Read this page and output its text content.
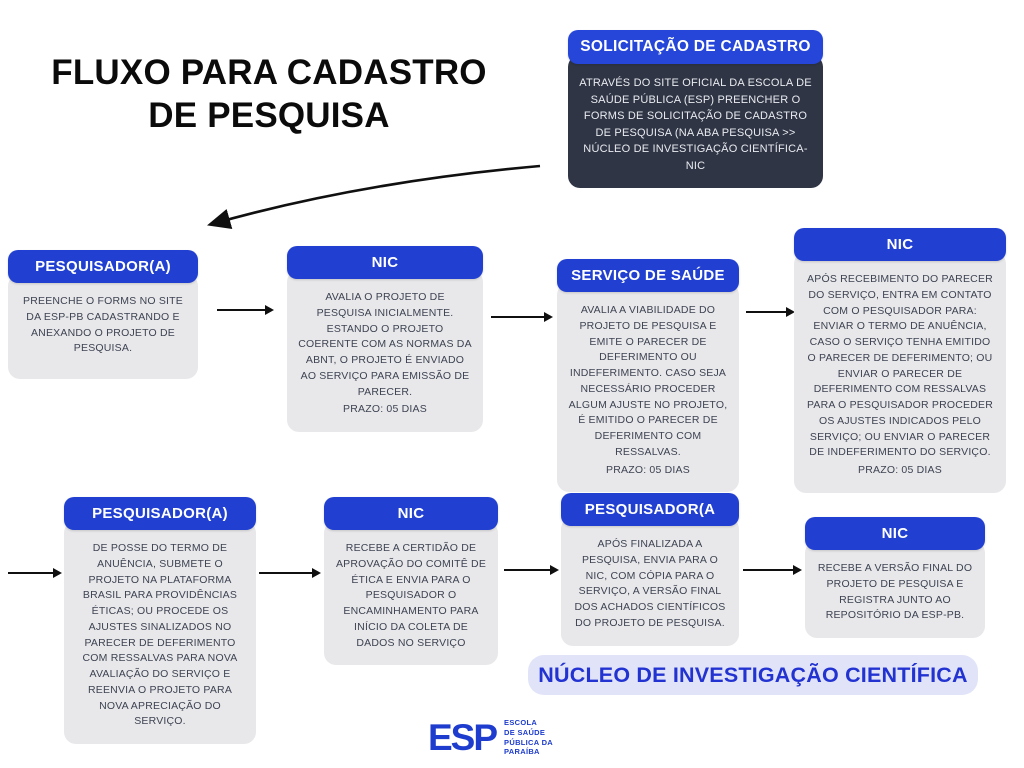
FLUXO PARA CADASTRO DE PESQUISA
SOLICITAÇÃO DE CADASTRO
ATRAVÉS DO SITE OFICIAL DA ESCOLA DE SAÚDE PÚBLICA (ESP) PREENCHER O FORMS DE SOLICITAÇÃO DE CADASTRO DE PESQUISA (NA ABA PESQUISA >> NÚCLEO DE INVESTIGAÇÃO CIENTÍFICA- NIC
PESQUISADOR(A)
PREENCHE O FORMS NO SITE DA ESP-PB CADASTRANDO E ANEXANDO O PROJETO DE PESQUISA.
NIC
AVALIA O PROJETO DE PESQUISA INICIALMENTE. ESTANDO O PROJETO COERENTE COM AS NORMAS DA ABNT, O PROJETO É ENVIADO AO SERVIÇO PARA EMISSÃO DE PARECER.
PRAZO: 05 DIAS
SERVIÇO DE SAÚDE
AVALIA A VIABILIDADE DO PROJETO DE PESQUISA E EMITE O PARECER DE DEFERIMENTO OU INDEFERIMENTO. CASO SEJA NECESSÁRIO PROCEDER ALGUM AJUSTE NO PROJETO, É EMITIDO O PARECER DE DEFERIMENTO COM RESSALVAS.
PRAZO: 05 DIAS
NIC
APÓS RECEBIMENTO DO PARECER DO SERVIÇO, ENTRA EM CONTATO COM O PESQUISADOR PARA: ENVIAR O TERMO DE ANUÊNCIA, CASO O SERVIÇO TENHA EMITIDO O PARECER DE DEFERIMENTO; OU ENVIAR O PARECER DE DEFERIMENTO COM RESSALVAS PARA O PESQUISADOR PROCEDER OS AJUSTES INDICADOS PELO SERVIÇO; OU ENVIAR O PARECER DE INDEFERIMENTO DO SERVIÇO.
PRAZO: 05 DIAS
PESQUISADOR(A)
DE POSSE DO TERMO DE ANUÊNCIA, SUBMETE O PROJETO NA PLATAFORMA BRASIL PARA PROVIDÊNCIAS ÉTICAS; OU PROCEDE OS AJUSTES SINALIZADOS NO PARECER DE DEFERIMENTO COM RESSALVAS PARA NOVA AVALIAÇÃO DO SERVIÇO E REENVIA O PROJETO PARA NOVA APRECIAÇÃO DO SERVIÇO.
NIC
RECEBE A CERTIDÃO DE APROVAÇÃO DO COMITÊ DE ÉTICA E ENVIA PARA O PESQUISADOR O ENCAMINHAMENTO PARA INÍCIO DA COLETA DE DADOS NO SERVIÇO
PESQUISADOR(A
APÓS FINALIZADA A PESQUISA, ENVIA PARA O NIC, COM CÓPIA PARA O SERVIÇO, A VERSÃO FINAL DOS ACHADOS CIENTÍFICOS DO PROJETO DE PESQUISA.
NIC
RECEBE A VERSÃO FINAL DO PROJETO DE PESQUISA E REGISTRA JUNTO AO REPOSITÓRIO DA ESP-PB.
NÚCLEO DE INVESTIGAÇÃO CIENTÍFICA
ESP ESCOLA
DE SAÚDE
PÚBLICA DA
PARAÍBA
